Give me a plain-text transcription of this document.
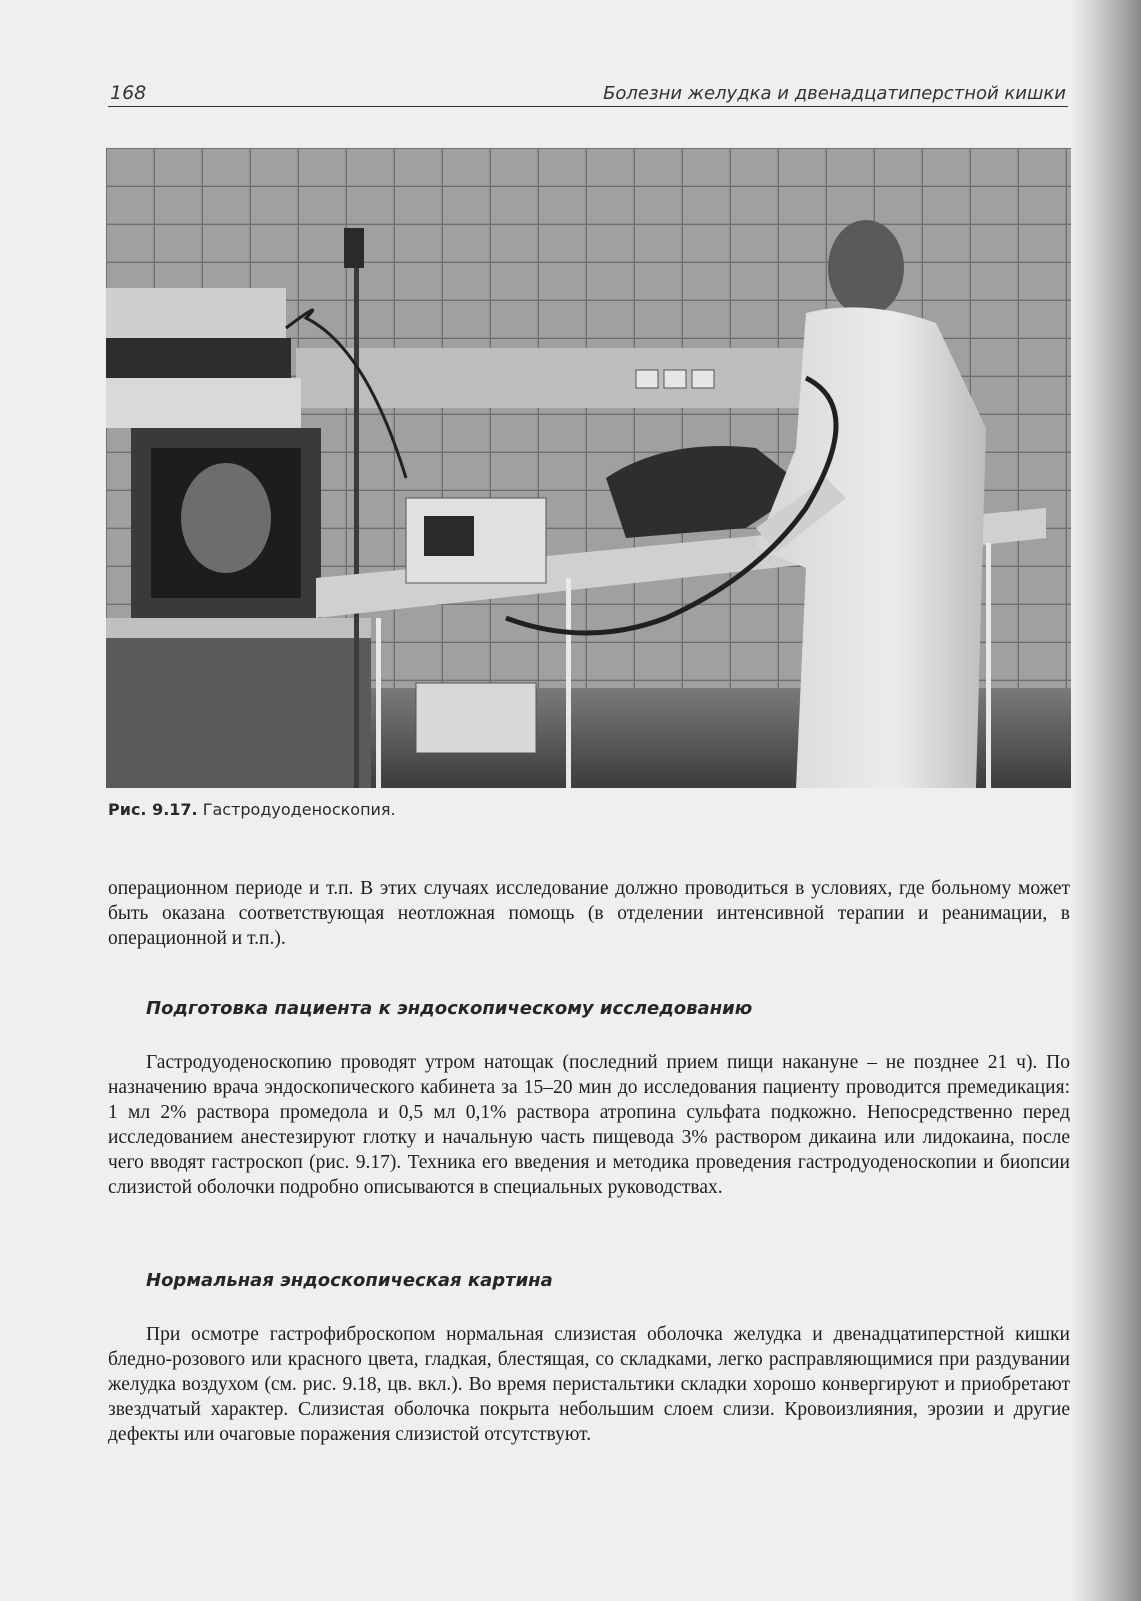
168	Болезни желудка и двенадцатиперстной кишки
Рис. 9.17. Гастродуоденоскопия.

операционном периоде и т.п. В этих случаях исследование должно проводиться в условиях, где больному может быть оказана соответствующая неотложная помощь (в отделении интенсивной терапии и реанимации, в операционной и т.п.).

Подготовка пациента к эндоскопическому исследованию

Гастродуоденоскопию проводят утром натощак (последний прием пищи накануне – не позднее 21 ч). По назначению врача эндоскопического кабинета за 15–20 мин до исследования пациенту проводится премедикация: 1 мл 2% раствора промедола и 0,5 мл 0,1% раствора атропина сульфата подкожно. Непосредственно перед исследованием анестезируют глотку и начальную часть пищевода 3% раствором дикаина или лидокаина, после чего вводят гастроскоп (рис. 9.17). Техника его введения и методика проведения гастродуоденоскопии и биопсии слизистой оболочки подробно описываются в специальных руководствах.

Нормальная эндоскопическая картина

При осмотре гастрофиброскопом нормальная слизистая оболочка желудка и двенадцатиперстной кишки бледно-розового или красного цвета, гладкая, блестящая, со складками, легко расправляющимися при раздувании желудка воздухом (см. рис. 9.18, цв. вкл.). Во время перистальтики складки хорошо конвергируют и приобретают звездчатый характер. Слизистая оболочка покрыта небольшим слоем слизи. Кровоизлияния, эрозии и другие дефекты или очаговые поражения слизистой отсутствуют.
